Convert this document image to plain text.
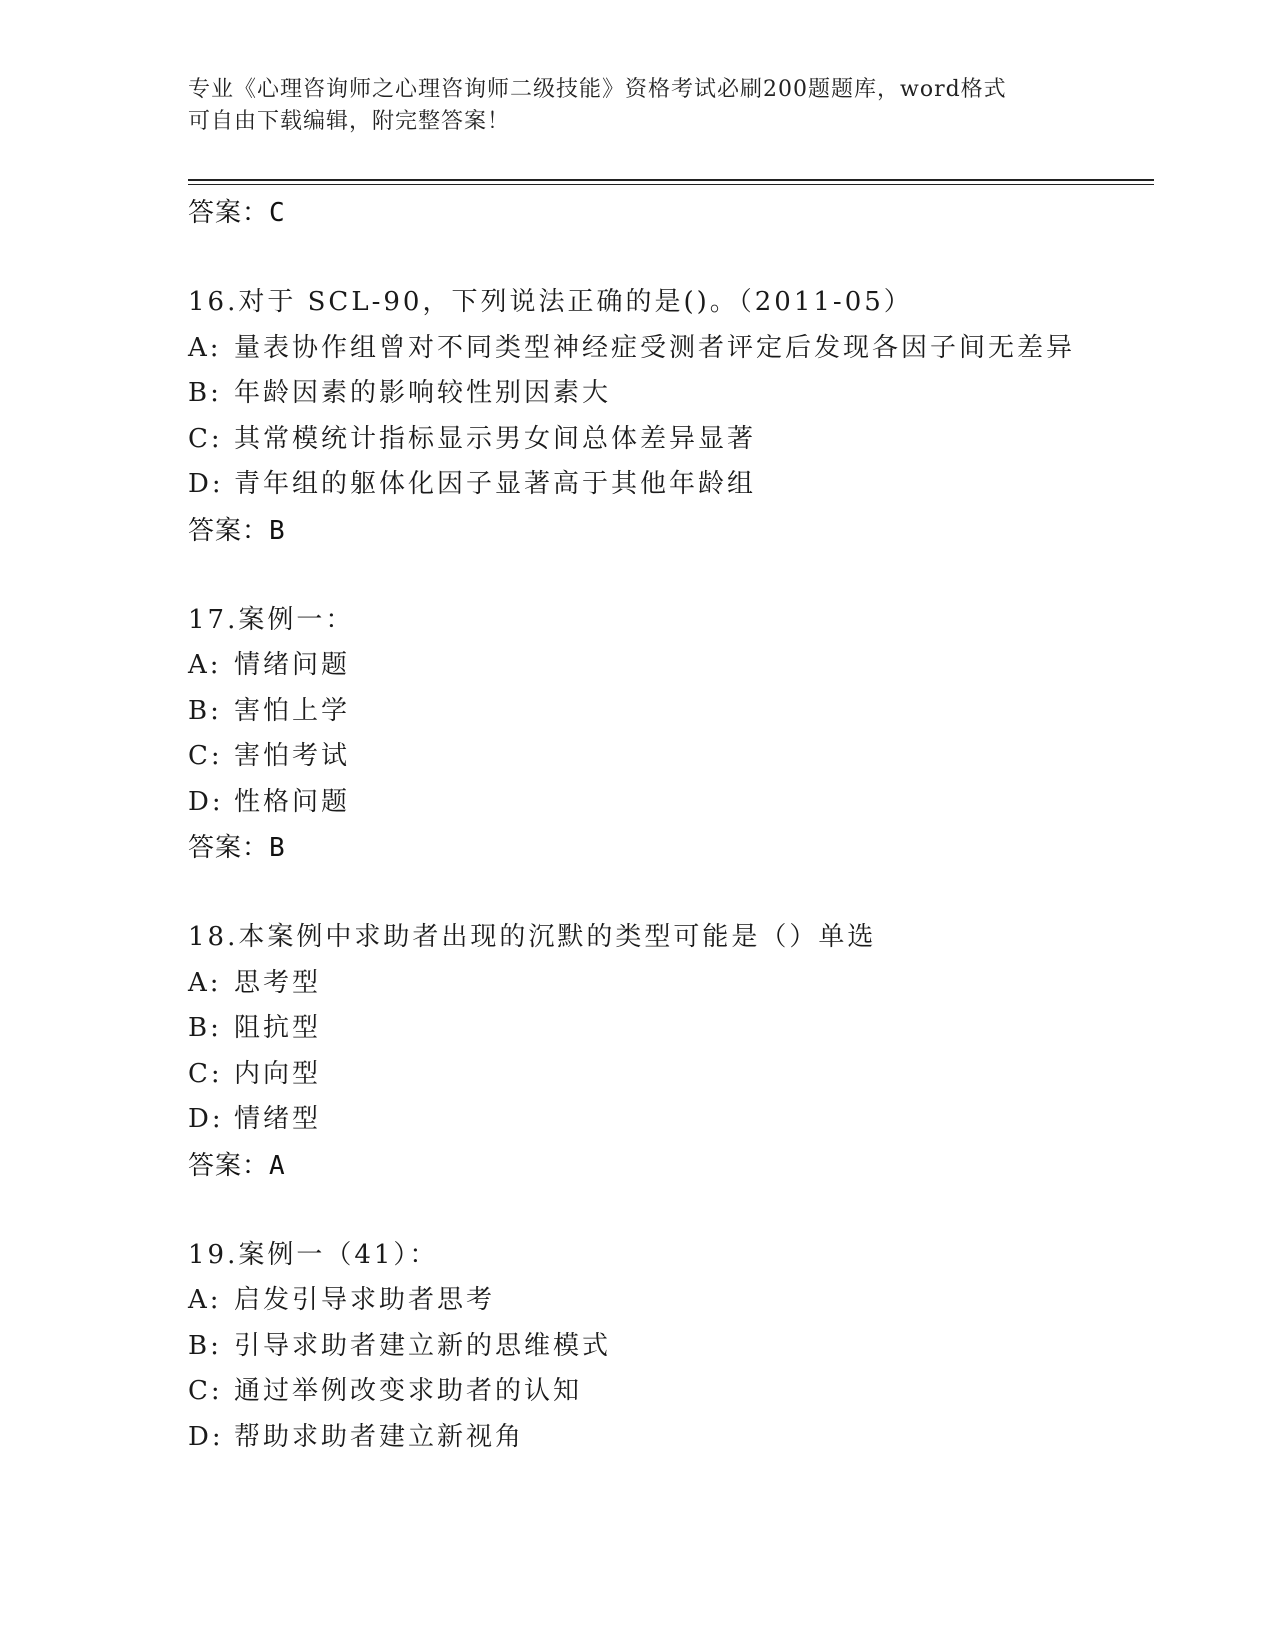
专业《心理咨询师之心理咨询师二级技能》资格考试必刷200题题库，word格式
可自由下载编辑，附完整答案！
答案：C
16.对于 SCL-90，下列说法正确的是()。（2011-05）
A: 量表协作组曾对不同类型神经症受测者评定后发现各因子间无差异
B: 年龄因素的影响较性别因素大
C: 其常模统计指标显示男女间总体差异显著
D: 青年组的躯体化因子显著高于其他年龄组
答案：B
17.案例一：
A: 情绪问题
B: 害怕上学
C: 害怕考试
D: 性格问题
答案：B
18.本案例中求助者出现的沉默的类型可能是（）单选
A: 思考型
B: 阻抗型
C: 内向型
D: 情绪型
答案：A
19.案例一（41）：
A: 启发引导求助者思考
B: 引导求助者建立新的思维模式
C: 通过举例改变求助者的认知
D: 帮助求助者建立新视角
